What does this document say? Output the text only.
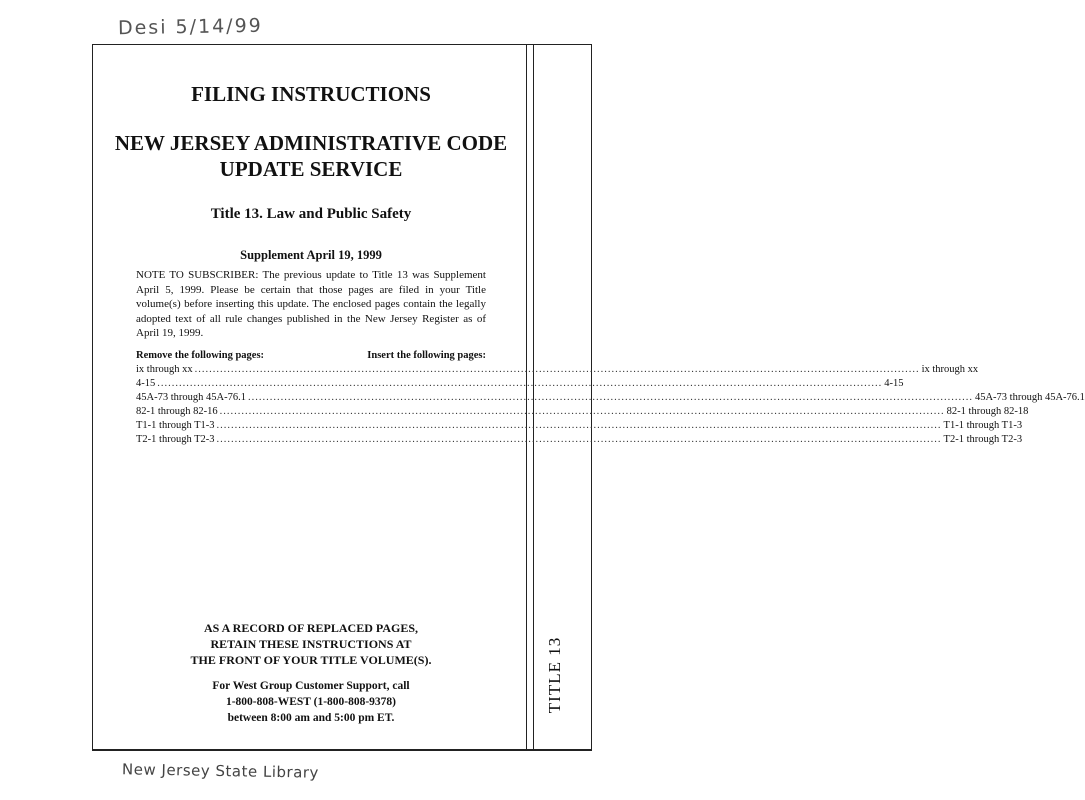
Desi 5/14/99
FILING INSTRUCTIONS
NEW JERSEY ADMINISTRATIVE CODE
UPDATE SERVICE
Title 13. Law and Public Safety

Supplement April 19, 1999

NOTE TO SUBSCRIBER: The previous update to Title 13 was Supplement April 5, 1999. Please be certain that those pages are filed in your Title volume(s) before inserting this update. The enclosed pages contain the legally adopted text of all rule changes published in the New Jersey Register as of April 19, 1999.

Remove the following pages:	Insert the following pages:
ix through xx ........................................................................................................................................................................................................ ix through xx
4-15 ........................................................................................................................................................................................................ 4-15
45A-73 through 45A-76.1 ........................................................................................................................................................................................................ 45A-73 through 45A-76.1
82-1 through 82-16 ........................................................................................................................................................................................................ 82-1 through 82-18
T1-1 through T1-3 ........................................................................................................................................................................................................ T1-1 through T1-3
T2-1 through T2-3 ........................................................................................................................................................................................................ T2-1 through T2-3
AS A RECORD OF REPLACED PAGES,
RETAIN THESE INSTRUCTIONS AT
THE FRONT OF YOUR TITLE VOLUME(S).
For West Group Customer Support, call
1-800-808-WEST (1-800-808-9378)
between 8:00 am and 5:00 pm ET.
TITLE 13
New Jersey State Library
